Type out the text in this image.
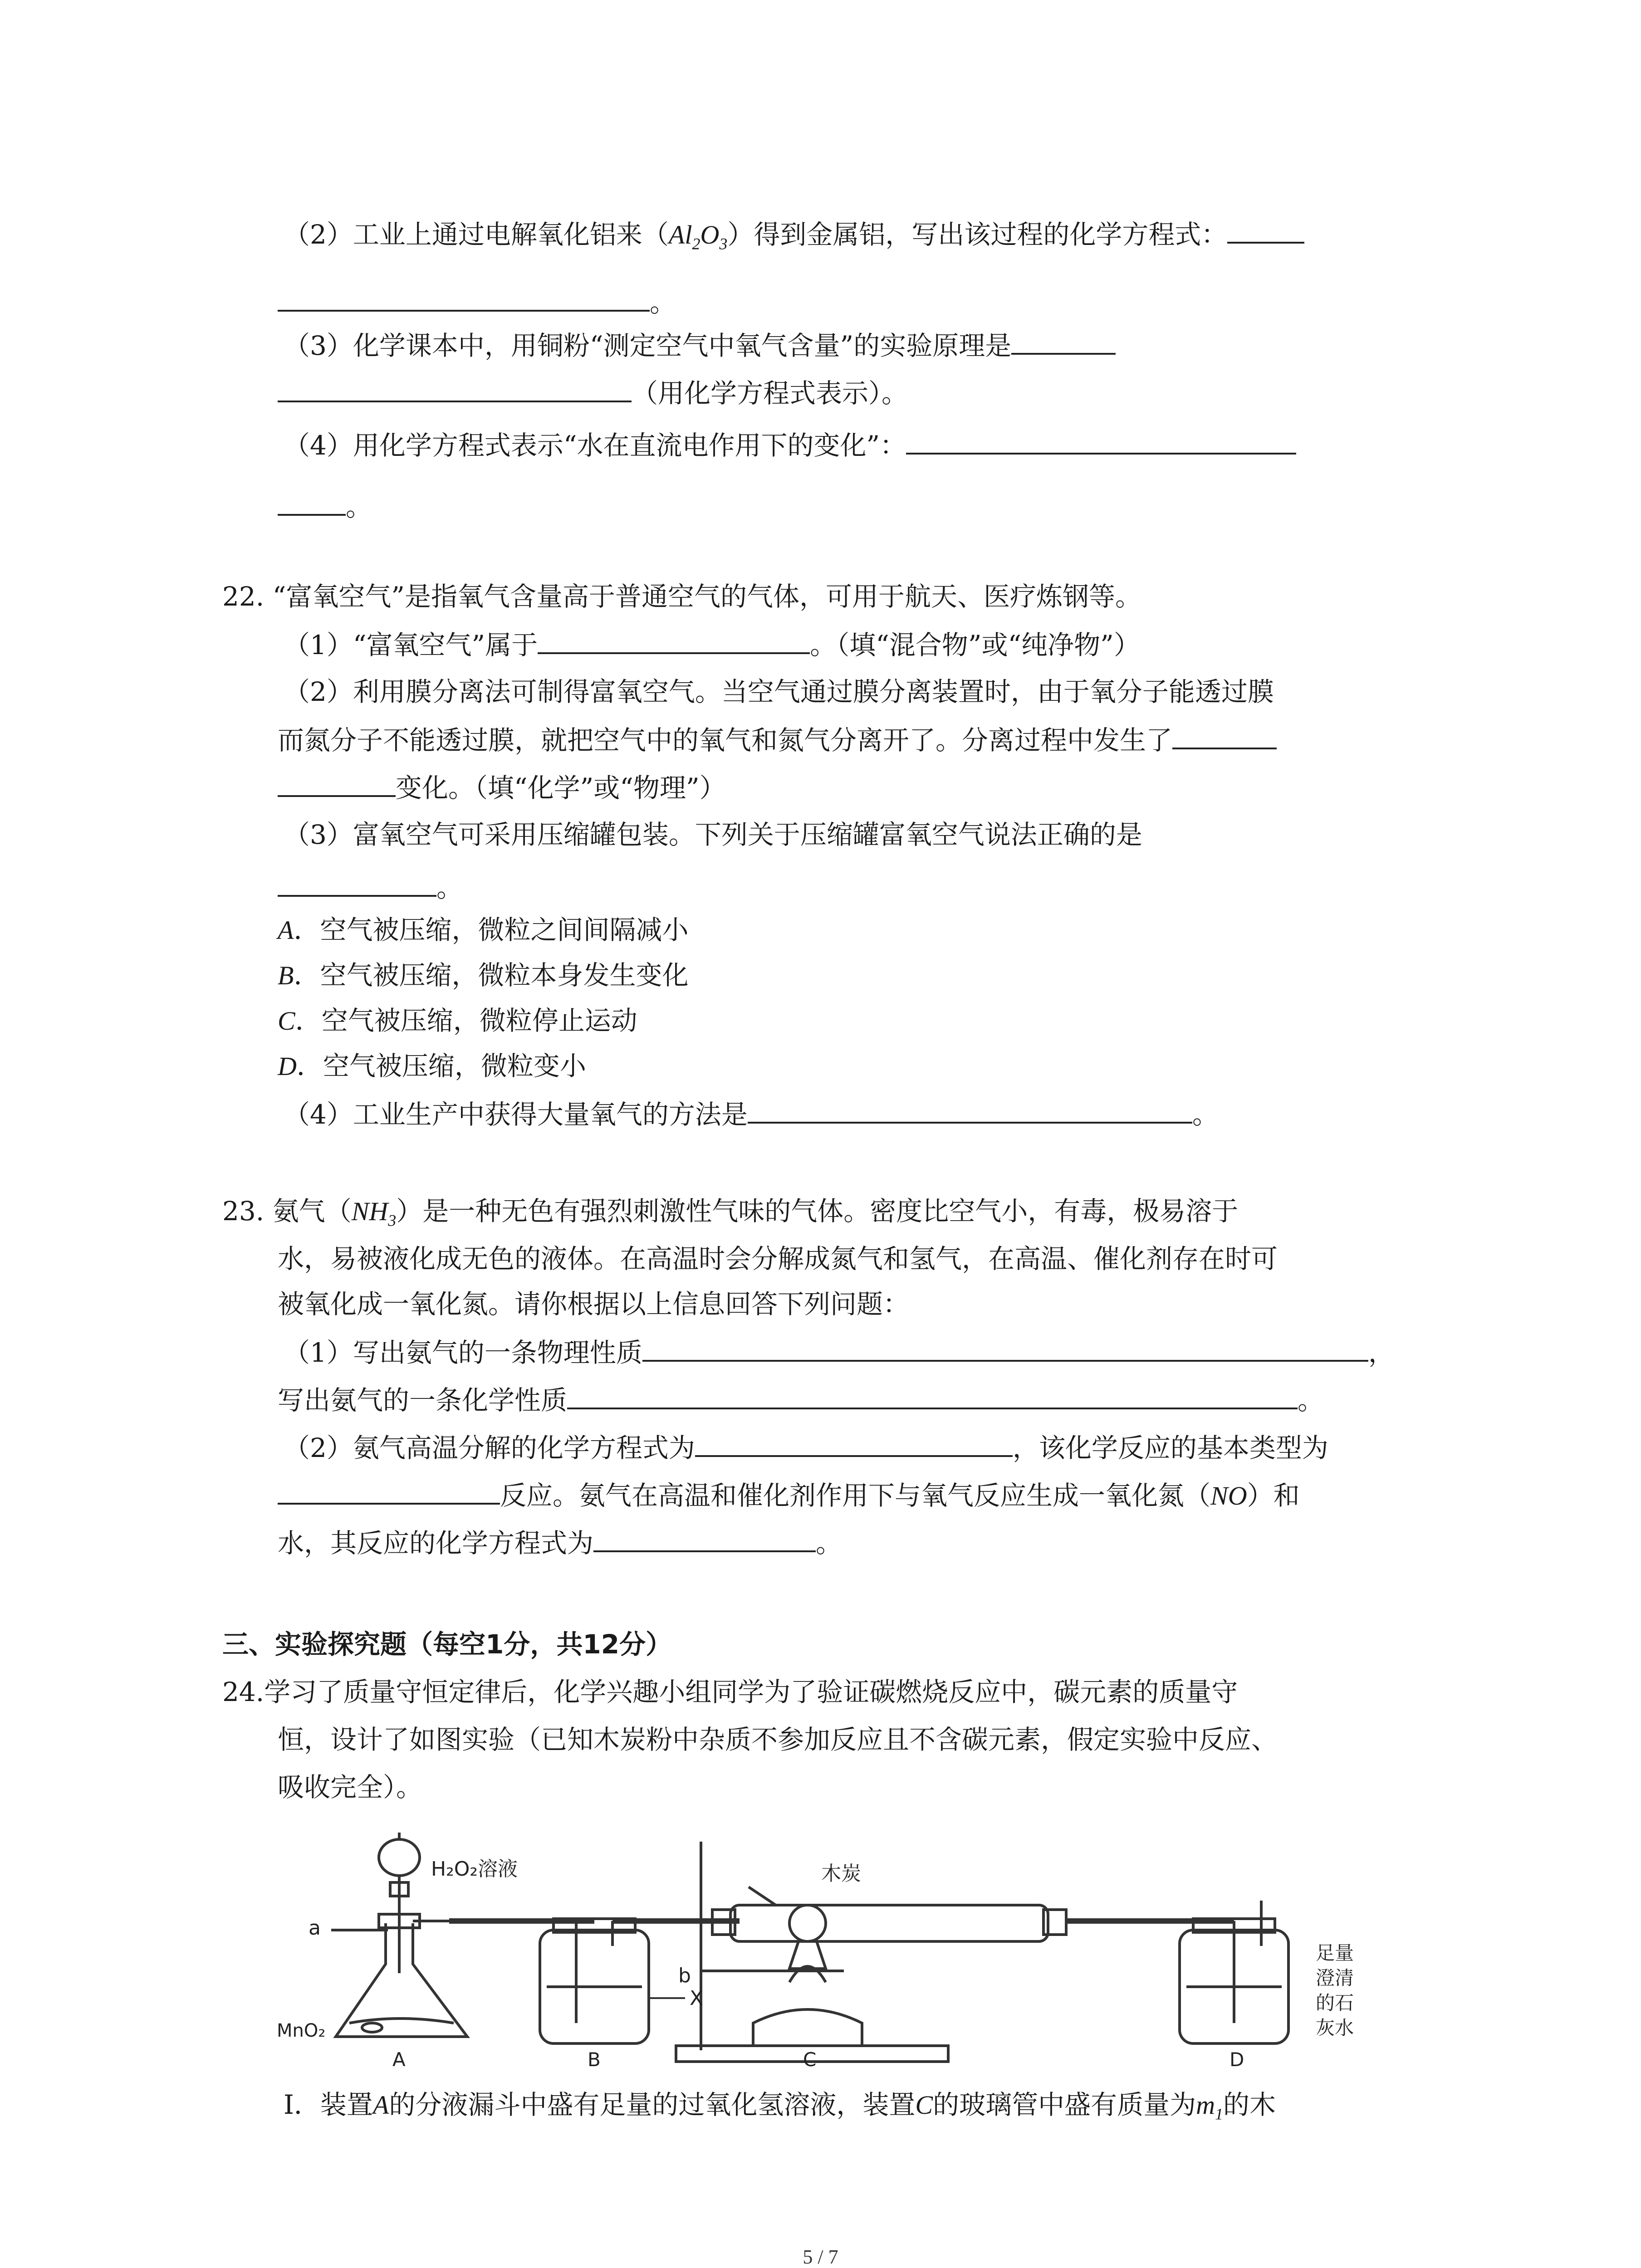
（2）工业上通过电解氧化铝来$(Al_2O_3)$得到金属铝，写出该过程的化学方程式：
。
（3）化学课本中，用铜粉“测定空气中氧气含量”的实验原理是
（用化学方程式表示）。
（4）用化学方程式表示“水在直流电作用下的变化”：
。
22. “富氧空气”是指氧气含量高于普通空气的气体，可用于航天、医疗炼钢等。
（1）“富氧空气”属于	。（填“混合物”或“纯净物”）
（2）利用膜分离法可制得富氧空气。当空气通过膜分离装置时，由于氧分子能透过膜
而氮分子不能透过膜，就把空气中的氧气和氮气分离开了。分离过程中发生了
变化。（填“化学”或“物理”）
（3）富氧空气可采用压缩罐包装。下列关于压缩罐富氧空气说法正确的是
。
A．空气被压缩，微粒之间间隔减小
B．空气被压缩，微粒本身发生变化
C．空气被压缩，微粒停止运动
D．空气被压缩，微粒变小
（4）工业生产中获得大量氧气的方法是	。
23. 氨气$(NH_3)$是一种无色有强烈刺激性气味的气体。密度比空气小，有毒，极易溶于
水，易被液化成无色的液体。在高温时会分解成氮气和氢气，在高温、催化剂存在时可
被氧化成一氧化氮。请你根据以上信息回答下列问题：
（1）写出氨气的一条物理性质	，
写出氨气的一条化学性质	。
（2）氨气高温分解的化学方程式为	，该化学反应的基本类型为
反应。氨气在高温和催化剂作用下与氧气反应生成一氧化氮（NO）和
水，其反应的化学方程式为	。
三、实验探究题（每空1分，共12分）
24.学习了质量守恒定律后，化学兴趣小组同学为了验证碳燃烧反应中，碳元素的质量守
恒，设计了如图实验（已知木炭粉中杂质不参加反应且不含碳元素，假定实验中反应、
吸收完全）。
H₂O₂溶液	木炭
a
b
X
MnO₂
足量
澄清
的石
灰水
A	B	C	D
Ⅰ．装置A的分液漏斗中盛有足量的过氧化氢溶液，装置C的玻璃管中盛有质量为$m_1$的木
5 / 7
